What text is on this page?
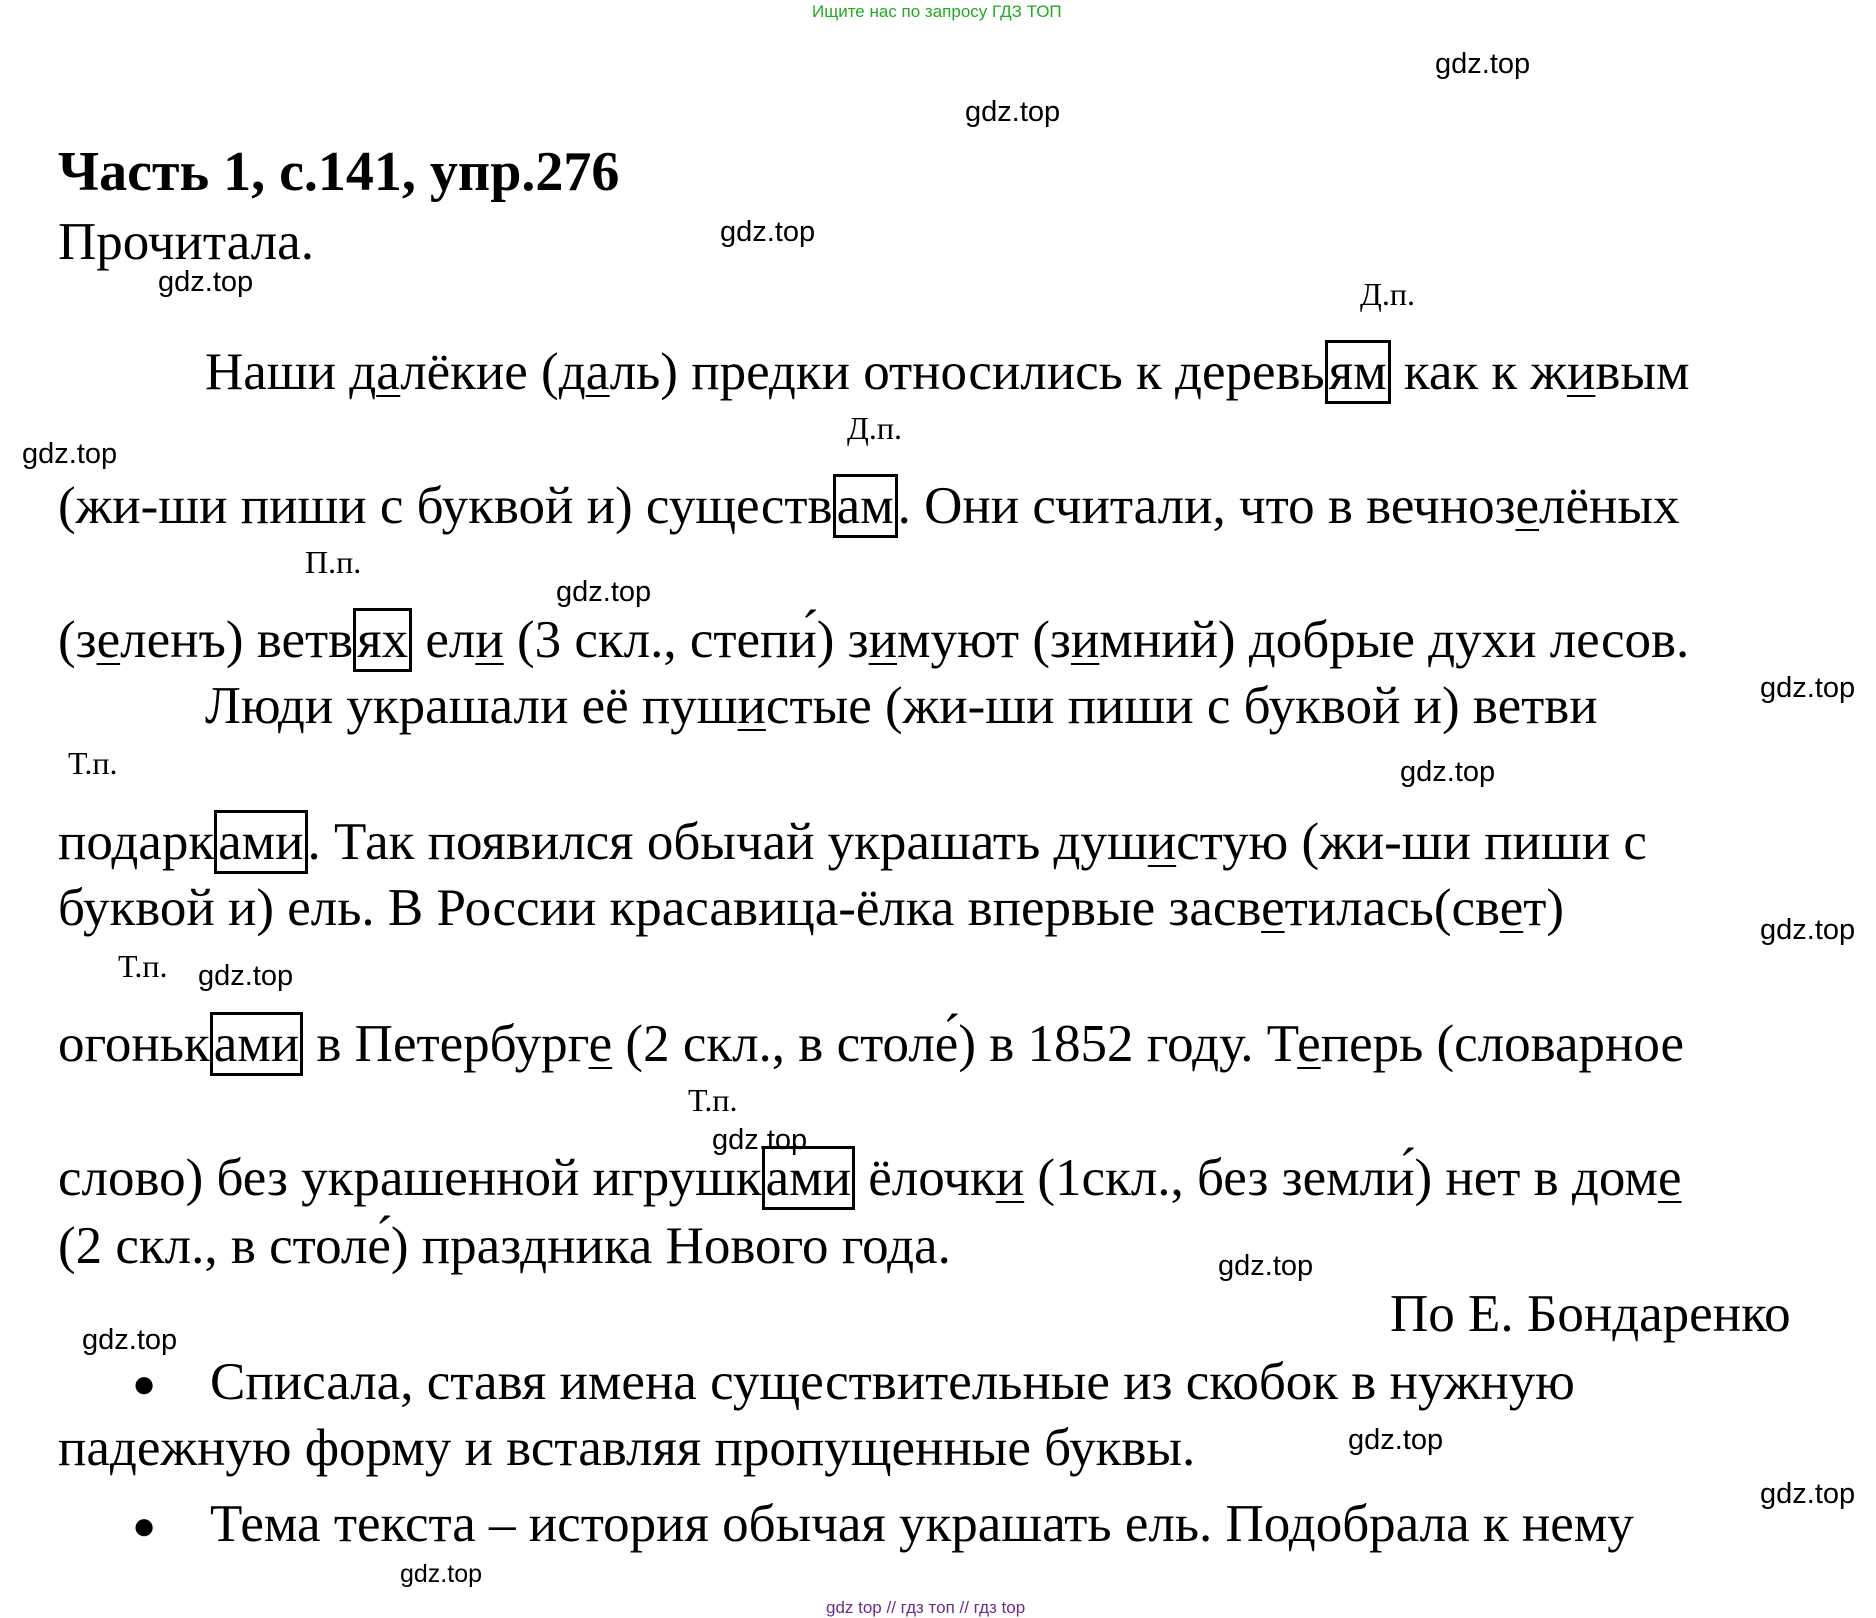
Ищите нас по запросу ГДЗ ТОП
Часть 1, с.141, упр.276
Прочитала.
Д.п.
Д.п.
П.п.
Т.п.
Т.п.
Т.п.
Наши далёкие (даль) предки относились к деревьям как к живым
(жи-ши пиши с буквой и) существам. Они считали, что в вечнозелёных
(зеленъ) ветвях ели (3 скл., степи́) зимуют (зимний) добрые духи лесов.
Люди украшали её пушистые (жи-ши пиши с буквой и) ветви
подарками. Так появился обычай украшать душистую (жи-ши пиши с
буквой и) ель. В России красавица-ёлка впервые засветилась(свет)
огоньками в Петербурге (2 скл., в столе́) в 1852 году. Теперь (словарное
слово) без украшенной игрушками ёлочки (1скл., без земли́) нет в доме
(2 скл., в столе́) праздника Нового года.
По Е. Бондаренко
● Списала, ставя имена существительные из скобок в нужную
падежную форму и вставляя пропущенные буквы.
● Тема текста – история обычая украшать ель. Подобрала к нему
gdz.top
gdz.top
gdz.top
gdz.top
gdz.top
gdz.top
gdz.top
gdz.top
gdz.top
gdz.top
gdz.top
gdz.top
gdz.top
gdz.top
gdz.top
gdz.top
gdz top // гдз топ // гдз top
